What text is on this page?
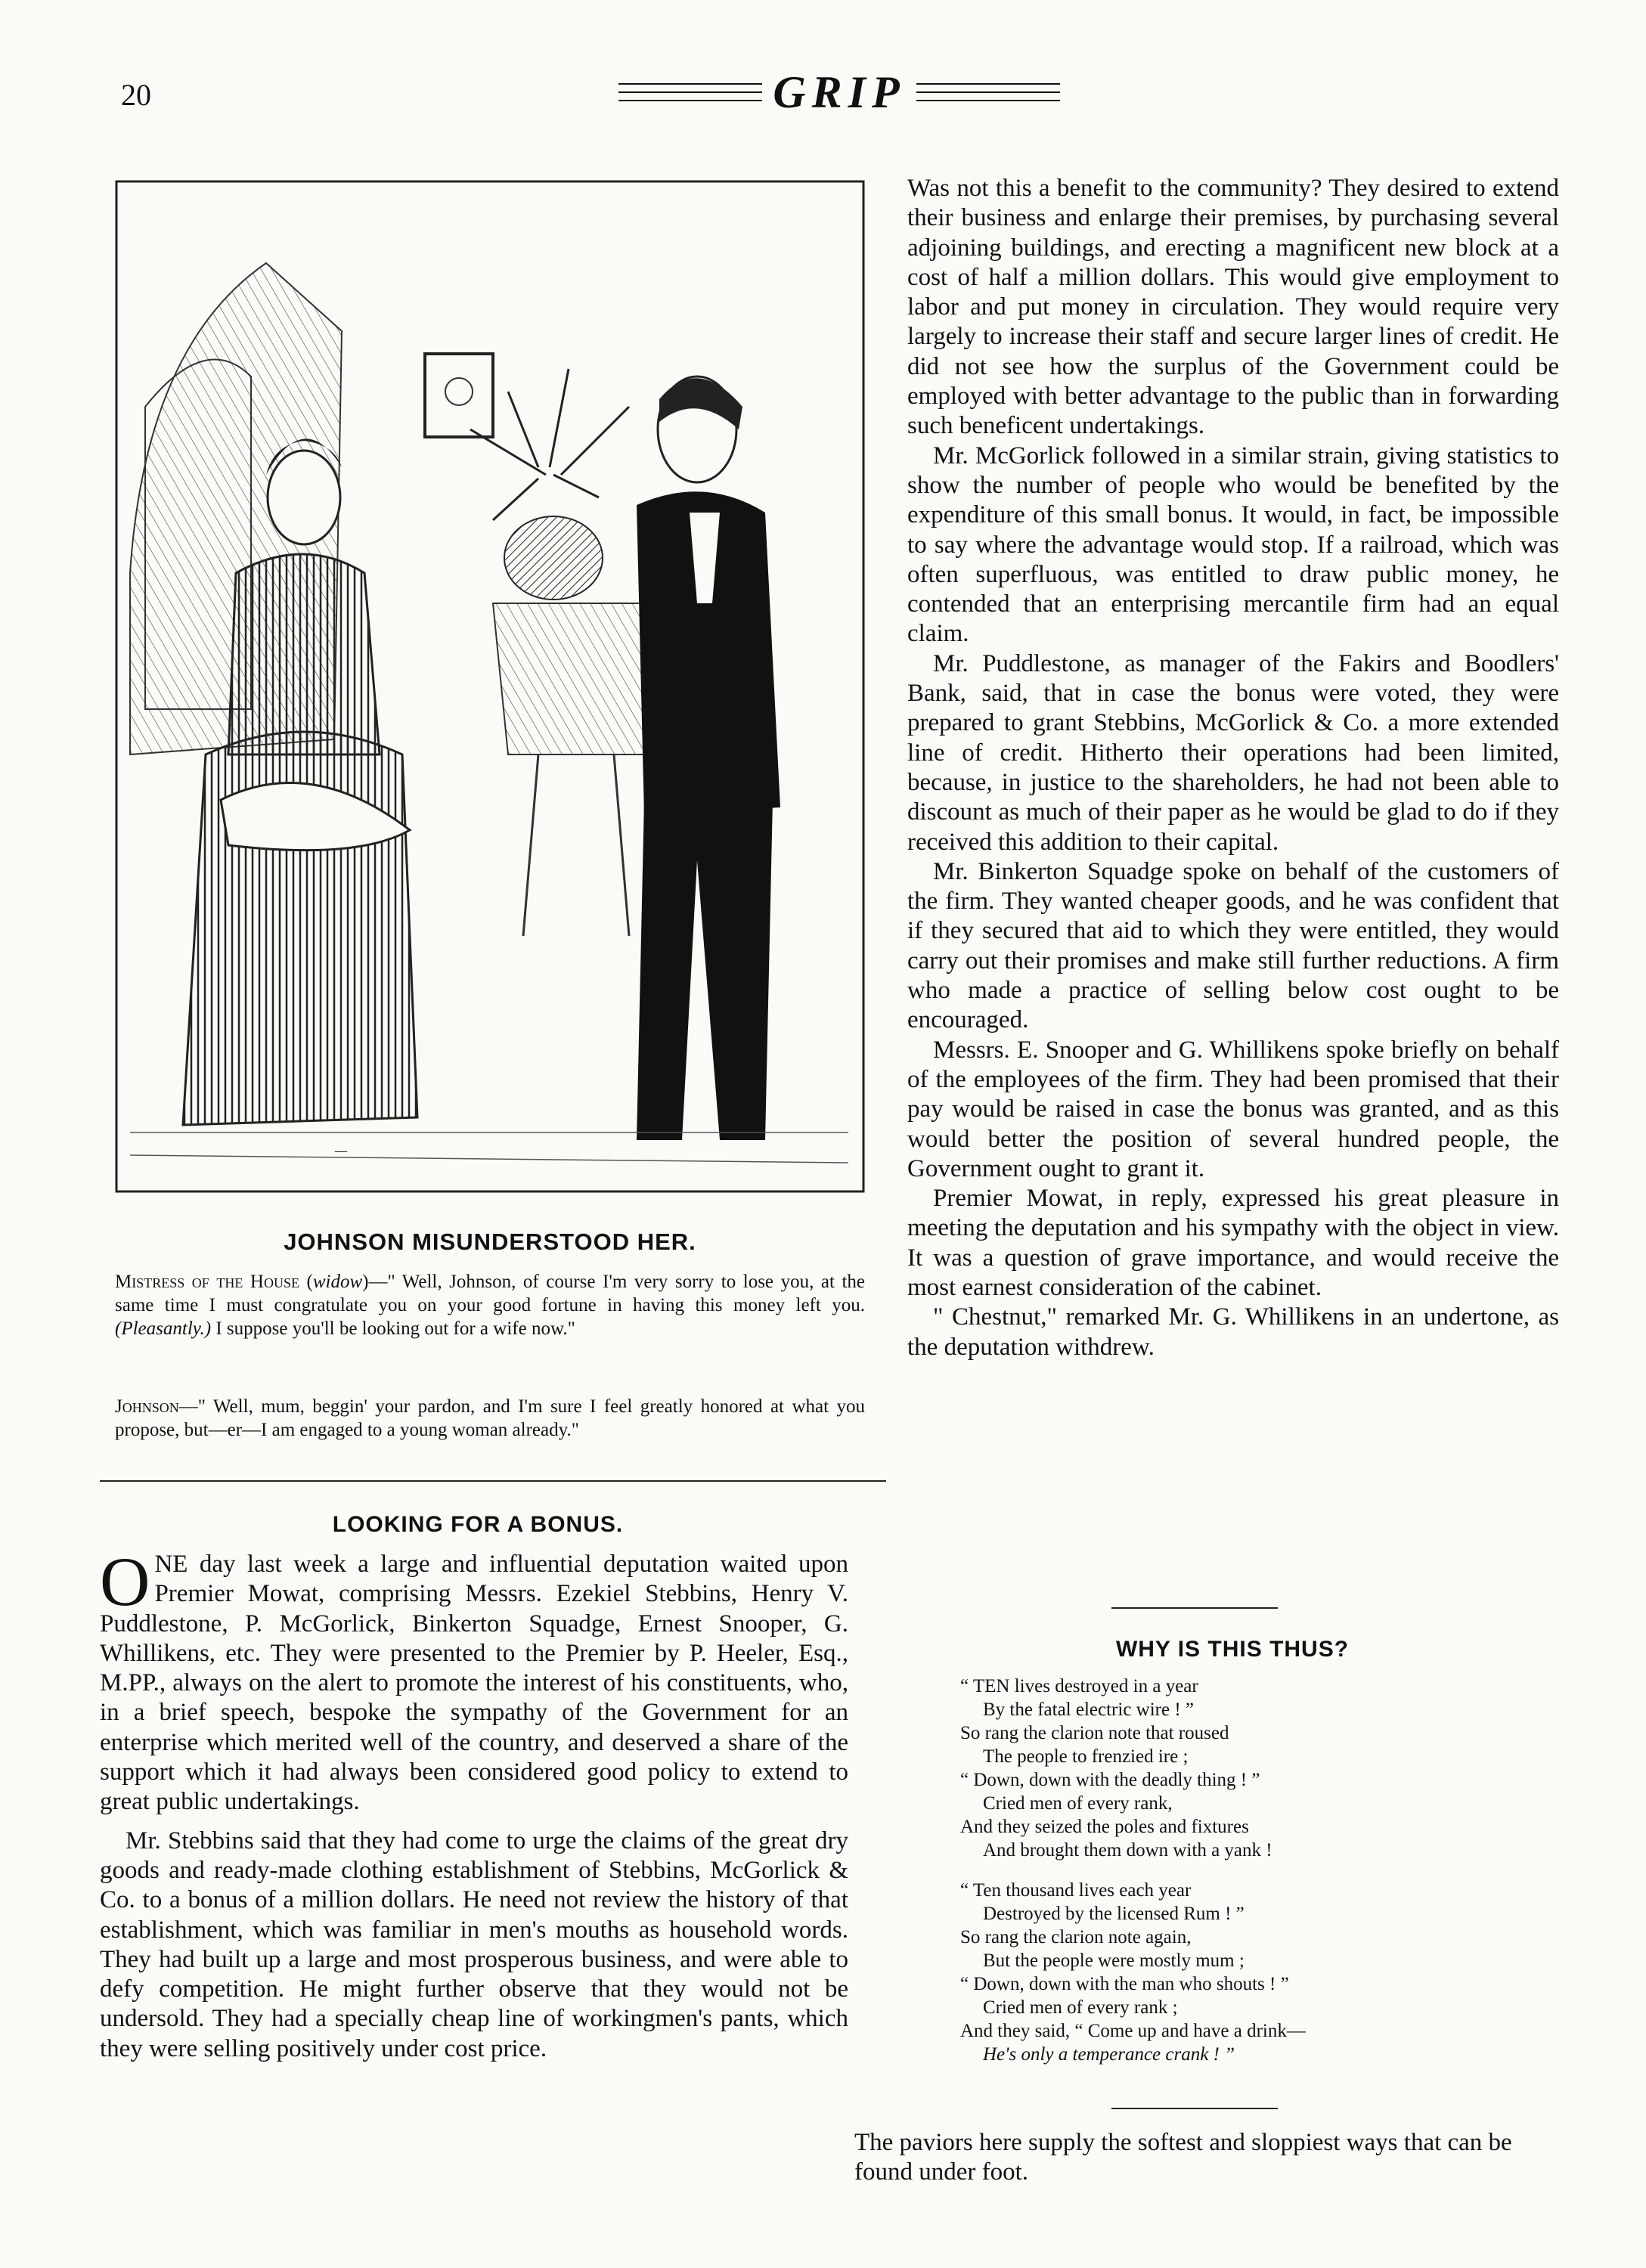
20	GRIP
—
JOHNSON MISUNDERSTOOD HER.
Mistress of the House (widow)—" Well, Johnson, of course I'm very sorry to lose you, at the same time I must congratulate you on your good fortune in having this money left you. (Pleasantly.) I suppose you'll be looking out for a wife now."
Johnson—" Well, mum, beggin' your pardon, and I'm sure I feel greatly honored at what you propose, but—er—I am engaged to a young woman already."
LOOKING FOR A BONUS.

ONE day last week a large and influential deputation waited upon Premier Mowat, comprising Messrs. Ezekiel Stebbins, Henry V. Puddlestone, P. McGorlick, Binkerton Squadge, Ernest Snooper, G. Whillikens, etc. They were presented to the Premier by P. Heeler, Esq., M.PP., always on the alert to promote the interest of his constituents, who, in a brief speech, bespoke the sympathy of the Government for an enterprise which merited well of the country, and deserved a share of the support which it had always been considered good policy to extend to great public undertakings.

Mr. Stebbins said that they had come to urge the claims of the great dry goods and ready-made clothing establishment of Stebbins, McGorlick & Co. to a bonus of a million dollars. He need not review the history of that establishment, which was familiar in men's mouths as household words. They had built up a large and most prosperous business, and were able to defy competition. He might further observe that they would not be undersold. They had a specially cheap line of workingmen's pants, which they were selling positively under cost price.

Was not this a benefit to the community? They desired to extend their business and enlarge their premises, by purchasing several adjoining buildings, and erecting a magnificent new block at a cost of half a million dollars. This would give employment to labor and put money in circulation. They would require very largely to increase their staff and secure larger lines of credit. He did not see how the surplus of the Government could be employed with better advantage to the public than in forwarding such beneficent undertakings.

Mr. McGorlick followed in a similar strain, giving statistics to show the number of people who would be benefited by the expenditure of this small bonus. It would, in fact, be impossible to say where the advantage would stop. If a railroad, which was often superfluous, was entitled to draw public money, he contended that an enterprising mercantile firm had an equal claim.

Mr. Puddlestone, as manager of the Fakirs and Boodlers' Bank, said, that in case the bonus were voted, they were prepared to grant Stebbins, McGorlick & Co. a more extended line of credit. Hitherto their operations had been limited, because, in justice to the shareholders, he had not been able to discount as much of their paper as he would be glad to do if they received this addition to their capital.

Mr. Binkerton Squadge spoke on behalf of the customers of the firm. They wanted cheaper goods, and he was confident that if they secured that aid to which they were entitled, they would carry out their promises and make still further reductions. A firm who made a practice of selling below cost ought to be encouraged.

Messrs. E. Snooper and G. Whillikens spoke briefly on behalf of the employees of the firm. They had been promised that their pay would be raised in case the bonus was granted, and as this would better the position of several hundred people, the Government ought to grant it.

Premier Mowat, in reply, expressed his great pleasure in meeting the deputation and his sympathy with the object in view. It was a question of grave importance, and would receive the most earnest consideration of the cabinet.

" Chestnut," remarked Mr. G. Whillikens in an undertone, as the deputation withdrew.

WHY IS THIS THUS?
“ TEN lives destroyed in a year
By the fatal electric wire ! ”
So rang the clarion note that roused
The people to frenzied ire ;
“ Down, down with the deadly thing ! ”
Cried men of every rank,
And they seized the poles and fixtures
And brought them down with a yank !
“ Ten thousand lives each year
Destroyed by the licensed Rum ! ”
So rang the clarion note again,
But the people were mostly mum ;
“ Down, down with the man who shouts ! ”
Cried men of every rank ;
And they said, “ Come up and have a drink—
He's only a temperance crank ! ”
The paviors here supply the softest and sloppiest ways that can be found under foot.
